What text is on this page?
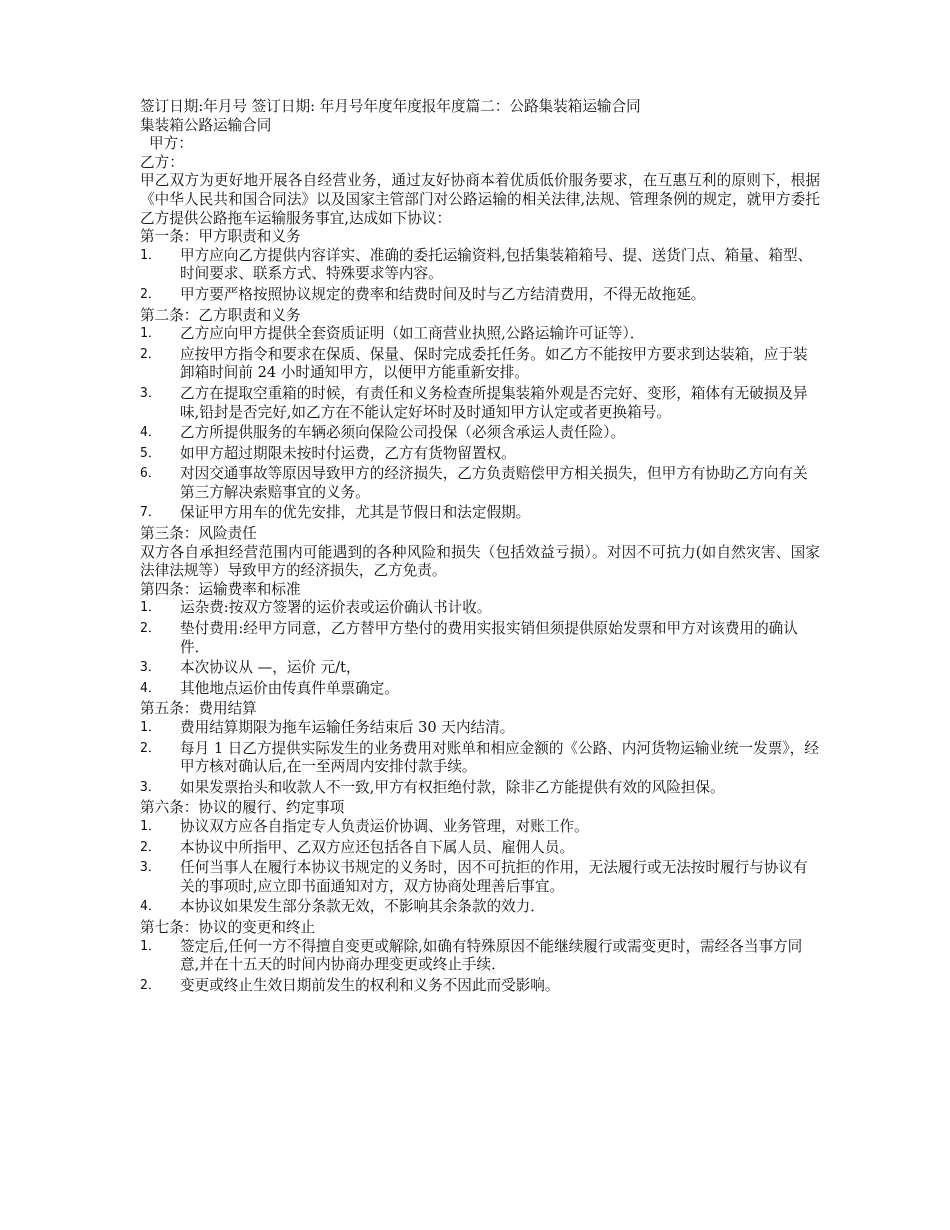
签订日期:年月号 签订日期: 年月号年度年度报年度篇二：公路集装箱运输合同

集装箱公路运输合同

甲方：

乙方：

甲乙双方为更好地开展各自经营业务，通过友好协商本着优质低价服务要求，在互惠互利的原则下，根据《中华人民共和国合同法》以及国家主管部门对公路运输的相关法律,法规、管理条例的规定，就甲方委托乙方提供公路拖车运输服务事宜,达成如下协议：

第一条：甲方职责和义务

1． 甲方应向乙方提供内容详实、准确的委托运输资料,包括集装箱箱号、提、送货门点、箱量、箱型、时间要求、联系方式、特殊要求等内容。
2． 甲方要严格按照协议规定的费率和结费时间及时与乙方结清费用，不得无故拖延。

第二条：乙方职责和义务

1． 乙方应向甲方提供全套资质证明（如工商营业执照,公路运输许可证等）．
2． 应按甲方指令和要求在保质、保量、保时完成委托任务。如乙方不能按甲方要求到达装箱，应于装卸箱时间前 24 小时通知甲方，以便甲方能重新安排。
3． 乙方在提取空重箱的时候，有责任和义务检查所提集装箱外观是否完好、变形，箱体有无破损及异味,铅封是否完好,如乙方在不能认定好坏时及时通知甲方认定或者更换箱号。
4． 乙方所提供服务的车辆必须向保险公司投保（必须含承运人责任险）。
5． 如甲方超过期限未按时付运费，乙方有货物留置权。
6． 对因交通事故等原因导致甲方的经济损失，乙方负责赔偿甲方相关损失，但甲方有协助乙方向有关第三方解决索赔事宜的义务。
7． 保证甲方用车的优先安排，尤其是节假日和法定假期。

第三条：风险责任

双方各自承担经营范围内可能遇到的各种风险和损失（包括效益亏损）。对因不可抗力(如自然灾害、国家法律法规等）导致甲方的经济损失，乙方免责。

第四条：运输费率和标准

1． 运杂费:按双方签署的运价表或运价确认书计收。
2． 垫付费用:经甲方同意，乙方替甲方垫付的费用实报实销但须提供原始发票和甲方对该费用的确认件．
3． 本次协议从 —，运价 元/t，
4． 其他地点运价由传真件单票确定。

第五条：费用结算

1． 费用结算期限为拖车运输任务结束后 30 天内结清。
2． 每月 1 日乙方提供实际发生的业务费用对账单和相应金额的《公路、内河货物运输业统一发票》，经甲方核对确认后,在一至两周内安排付款手续。
3． 如果发票抬头和收款人不一致,甲方有权拒绝付款，除非乙方能提供有效的风险担保。

第六条：协议的履行、约定事项

1． 协议双方应各自指定专人负责运价协调、业务管理，对账工作。
2． 本协议中所指甲、乙双方应还包括各自下属人员、雇佣人员。
3． 任何当事人在履行本协议书规定的义务时，因不可抗拒的作用，无法履行或无法按时履行与协议有关的事项时,应立即书面通知对方，双方协商处理善后事宜。
4． 本协议如果发生部分条款无效，不影响其余条款的效力．

第七条：协议的变更和终止

1． 签定后,任何一方不得擅自变更或解除,如确有特殊原因不能继续履行或需变更时，需经各当事方同意,并在十五天的时间内协商办理变更或终止手续．
2． 变更或终止生效日期前发生的权利和义务不因此而受影响。
